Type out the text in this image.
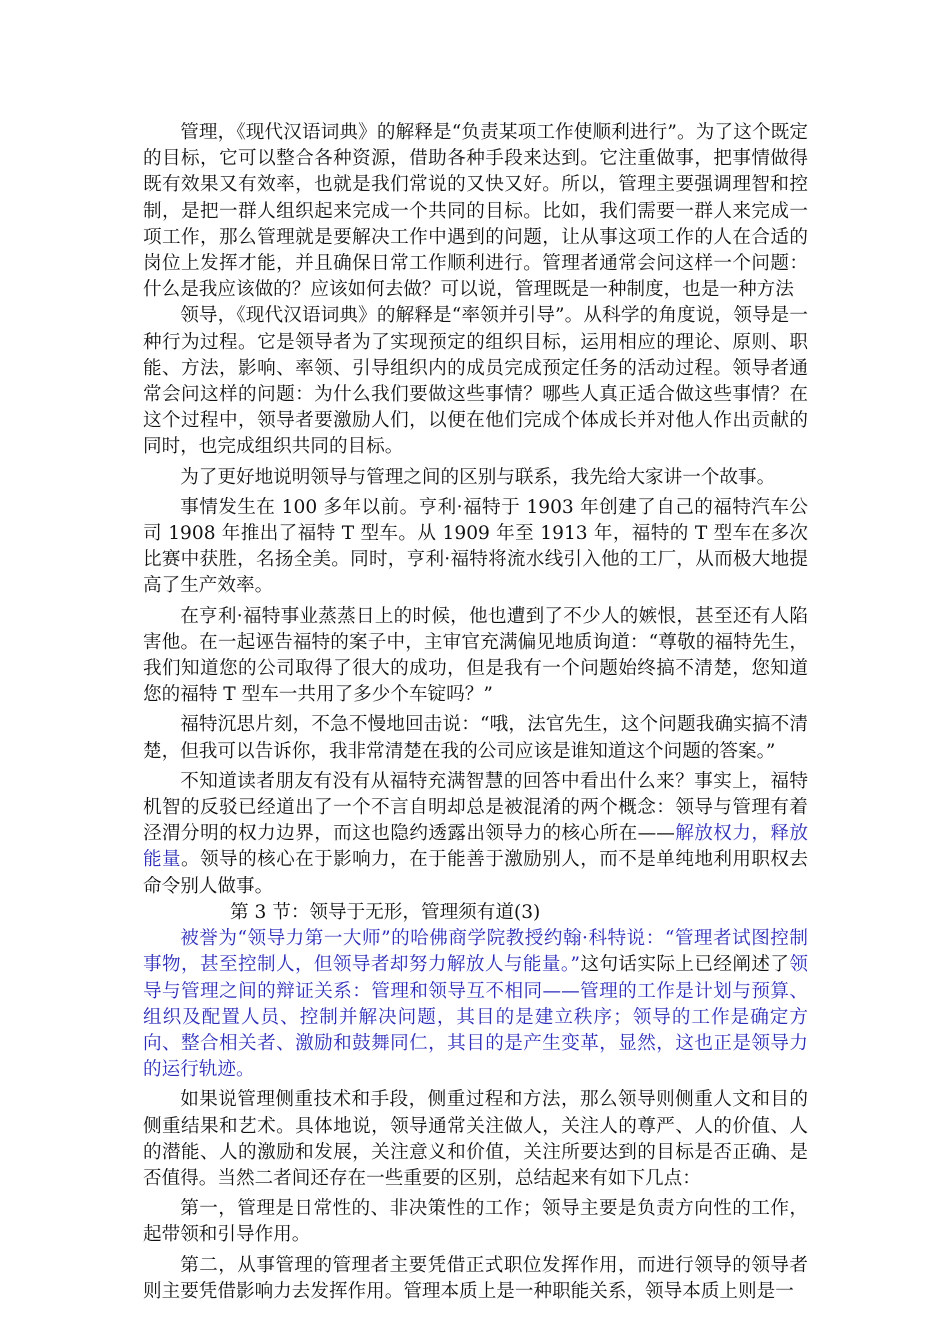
管理，《现代汉语词典》的解释是“负责某项工作使顺利进行”。为了这个既定的目标，它可以整合各种资源，借助各种手段来达到。它注重做事，把事情做得既有效果又有效率，也就是我们常说的又快又好。所以，管理主要强调理智和控制，是把一群人组织起来完成一个共同的目标。比如，我们需要一群人来完成一项工作，那么管理就是要解决工作中遇到的问题，让从事这项工作的人在合适的岗位上发挥才能，并且确保日常工作顺利进行。管理者通常会问这样一个问题：什么是我应该做的？应该如何去做？可以说，管理既是一种制度，也是一种方法

领导，《现代汉语词典》的解释是“率领并引导”。从科学的角度说，领导是一种行为过程。它是领导者为了实现预定的组织目标，运用相应的理论、原则、职能、方法，影响、率领、引导组织内的成员完成预定任务的活动过程。领导者通常会问这样的问题：为什么我们要做这些事情？哪些人真正适合做这些事情？在这个过程中，领导者要激励人们，以便在他们完成个体成长并对他人作出贡献的同时，也完成组织共同的目标。

为了更好地说明领导与管理之间的区别与联系，我先给大家讲一个故事。

事情发生在 100 多年以前。亨利·福特于 1903 年创建了自己的福特汽车公司 1908 年推出了福特 T 型车。从 1909 年至 1913 年，福特的 T 型车在多次比赛中获胜，名扬全美。同时，亨利·福特将流水线引入他的工厂，从而极大地提高了生产效率。

在亨利·福特事业蒸蒸日上的时候，他也遭到了不少人的嫉恨，甚至还有人陷害他。在一起诬告福特的案子中，主审官充满偏见地质询道：“尊敬的福特先生，我们知道您的公司取得了很大的成功，但是我有一个问题始终搞不清楚，您知道您的福特 T 型车一共用了多少个车锭吗？”

福特沉思片刻，不急不慢地回击说：“哦，法官先生，这个问题我确实搞不清楚，但我可以告诉你，我非常清楚在我的公司应该是谁知道这个问题的答案。”

不知道读者朋友有没有从福特充满智慧的回答中看出什么来？事实上，福特机智的反驳已经道出了一个不言自明却总是被混淆的两个概念：领导与管理有着泾渭分明的权力边界，而这也隐约透露出领导力的核心所在——解放权力，释放能量。领导的核心在于影响力，在于能善于激励别人，而不是单纯地利用职权去命令别人做事。

第 3 节：领导于无形，管理须有道(3)

被誉为“领导力第一大师”的哈佛商学院教授约翰·科特说：“管理者试图控制事物，甚至控制人，但领导者却努力解放人与能量。”这句话实际上已经阐述了领导与管理之间的辩证关系：管理和领导互不相同——管理的工作是计划与预算、组织及配置人员、控制并解决问题，其目的是建立秩序；领导的工作是确定方向、整合相关者、激励和鼓舞同仁，其目的是产生变革，显然，这也正是领导力的运行轨迹。

如果说管理侧重技术和手段，侧重过程和方法，那么领导则侧重人文和目的侧重结果和艺术。具体地说，领导通常关注做人，关注人的尊严、人的价值、人的潜能、人的激励和发展，关注意义和价值，关注所要达到的目标是否正确、是否值得。当然二者间还存在一些重要的区别，总结起来有如下几点：

第一，管理是日常性的、非决策性的工作；领导主要是负责方向性的工作，起带领和引导作用。

第二，从事管理的管理者主要凭借正式职位发挥作用，而进行领导的领导者则主要凭借影响力去发挥作用。管理本质上是一种职能关系，领导本质上则是一
